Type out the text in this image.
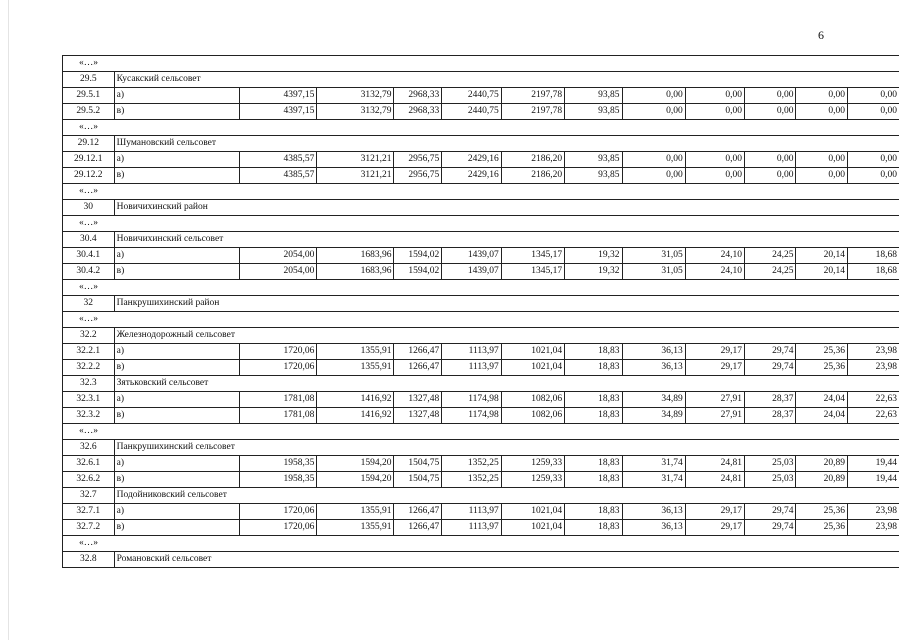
6
«…»												
29.5	Кусакский сельсовет											
29.5.1	а)	4397,15	3132,79	2968,33	2440,75	2197,78	93,85	0,00	0,00	0,00	0,00	0,00
29.5.2	в)	4397,15	3132,79	2968,33	2440,75	2197,78	93,85	0,00	0,00	0,00	0,00	0,00
«…»												
29.12	Шумановский сельсовет											
29.12.1	а)	4385,57	3121,21	2956,75	2429,16	2186,20	93,85	0,00	0,00	0,00	0,00	0,00
29.12.2	в)	4385,57	3121,21	2956,75	2429,16	2186,20	93,85	0,00	0,00	0,00	0,00	0,00
«…»												
30	Новичихинский район											
«…»												
30.4	Новичихинский сельсовет											
30.4.1	а)	2054,00	1683,96	1594,02	1439,07	1345,17	19,32	31,05	24,10	24,25	20,14	18,68
30.4.2	в)	2054,00	1683,96	1594,02	1439,07	1345,17	19,32	31,05	24,10	24,25	20,14	18,68
«…»												
32	Панкрушихинский район											
«…»												
32.2	Железнодорожный сельсовет											
32.2.1	а)	1720,06	1355,91	1266,47	1113,97	1021,04	18,83	36,13	29,17	29,74	25,36	23,98
32.2.2	в)	1720,06	1355,91	1266,47	1113,97	1021,04	18,83	36,13	29,17	29,74	25,36	23,98
32.3	Зятьковский сельсовет											
32.3.1	а)	1781,08	1416,92	1327,48	1174,98	1082,06	18,83	34,89	27,91	28,37	24,04	22,63
32.3.2	в)	1781,08	1416,92	1327,48	1174,98	1082,06	18,83	34,89	27,91	28,37	24,04	22,63
«…»												
32.6	Панкрушихинский сельсовет											
32.6.1	а)	1958,35	1594,20	1504,75	1352,25	1259,33	18,83	31,74	24,81	25,03	20,89	19,44
32.6.2	в)	1958,35	1594,20	1504,75	1352,25	1259,33	18,83	31,74	24,81	25,03	20,89	19,44
32.7	Подойниковский сельсовет											
32.7.1	а)	1720,06	1355,91	1266,47	1113,97	1021,04	18,83	36,13	29,17	29,74	25,36	23,98
32.7.2	в)	1720,06	1355,91	1266,47	1113,97	1021,04	18,83	36,13	29,17	29,74	25,36	23,98
«…»												
32.8	Романовский сельсовет											
